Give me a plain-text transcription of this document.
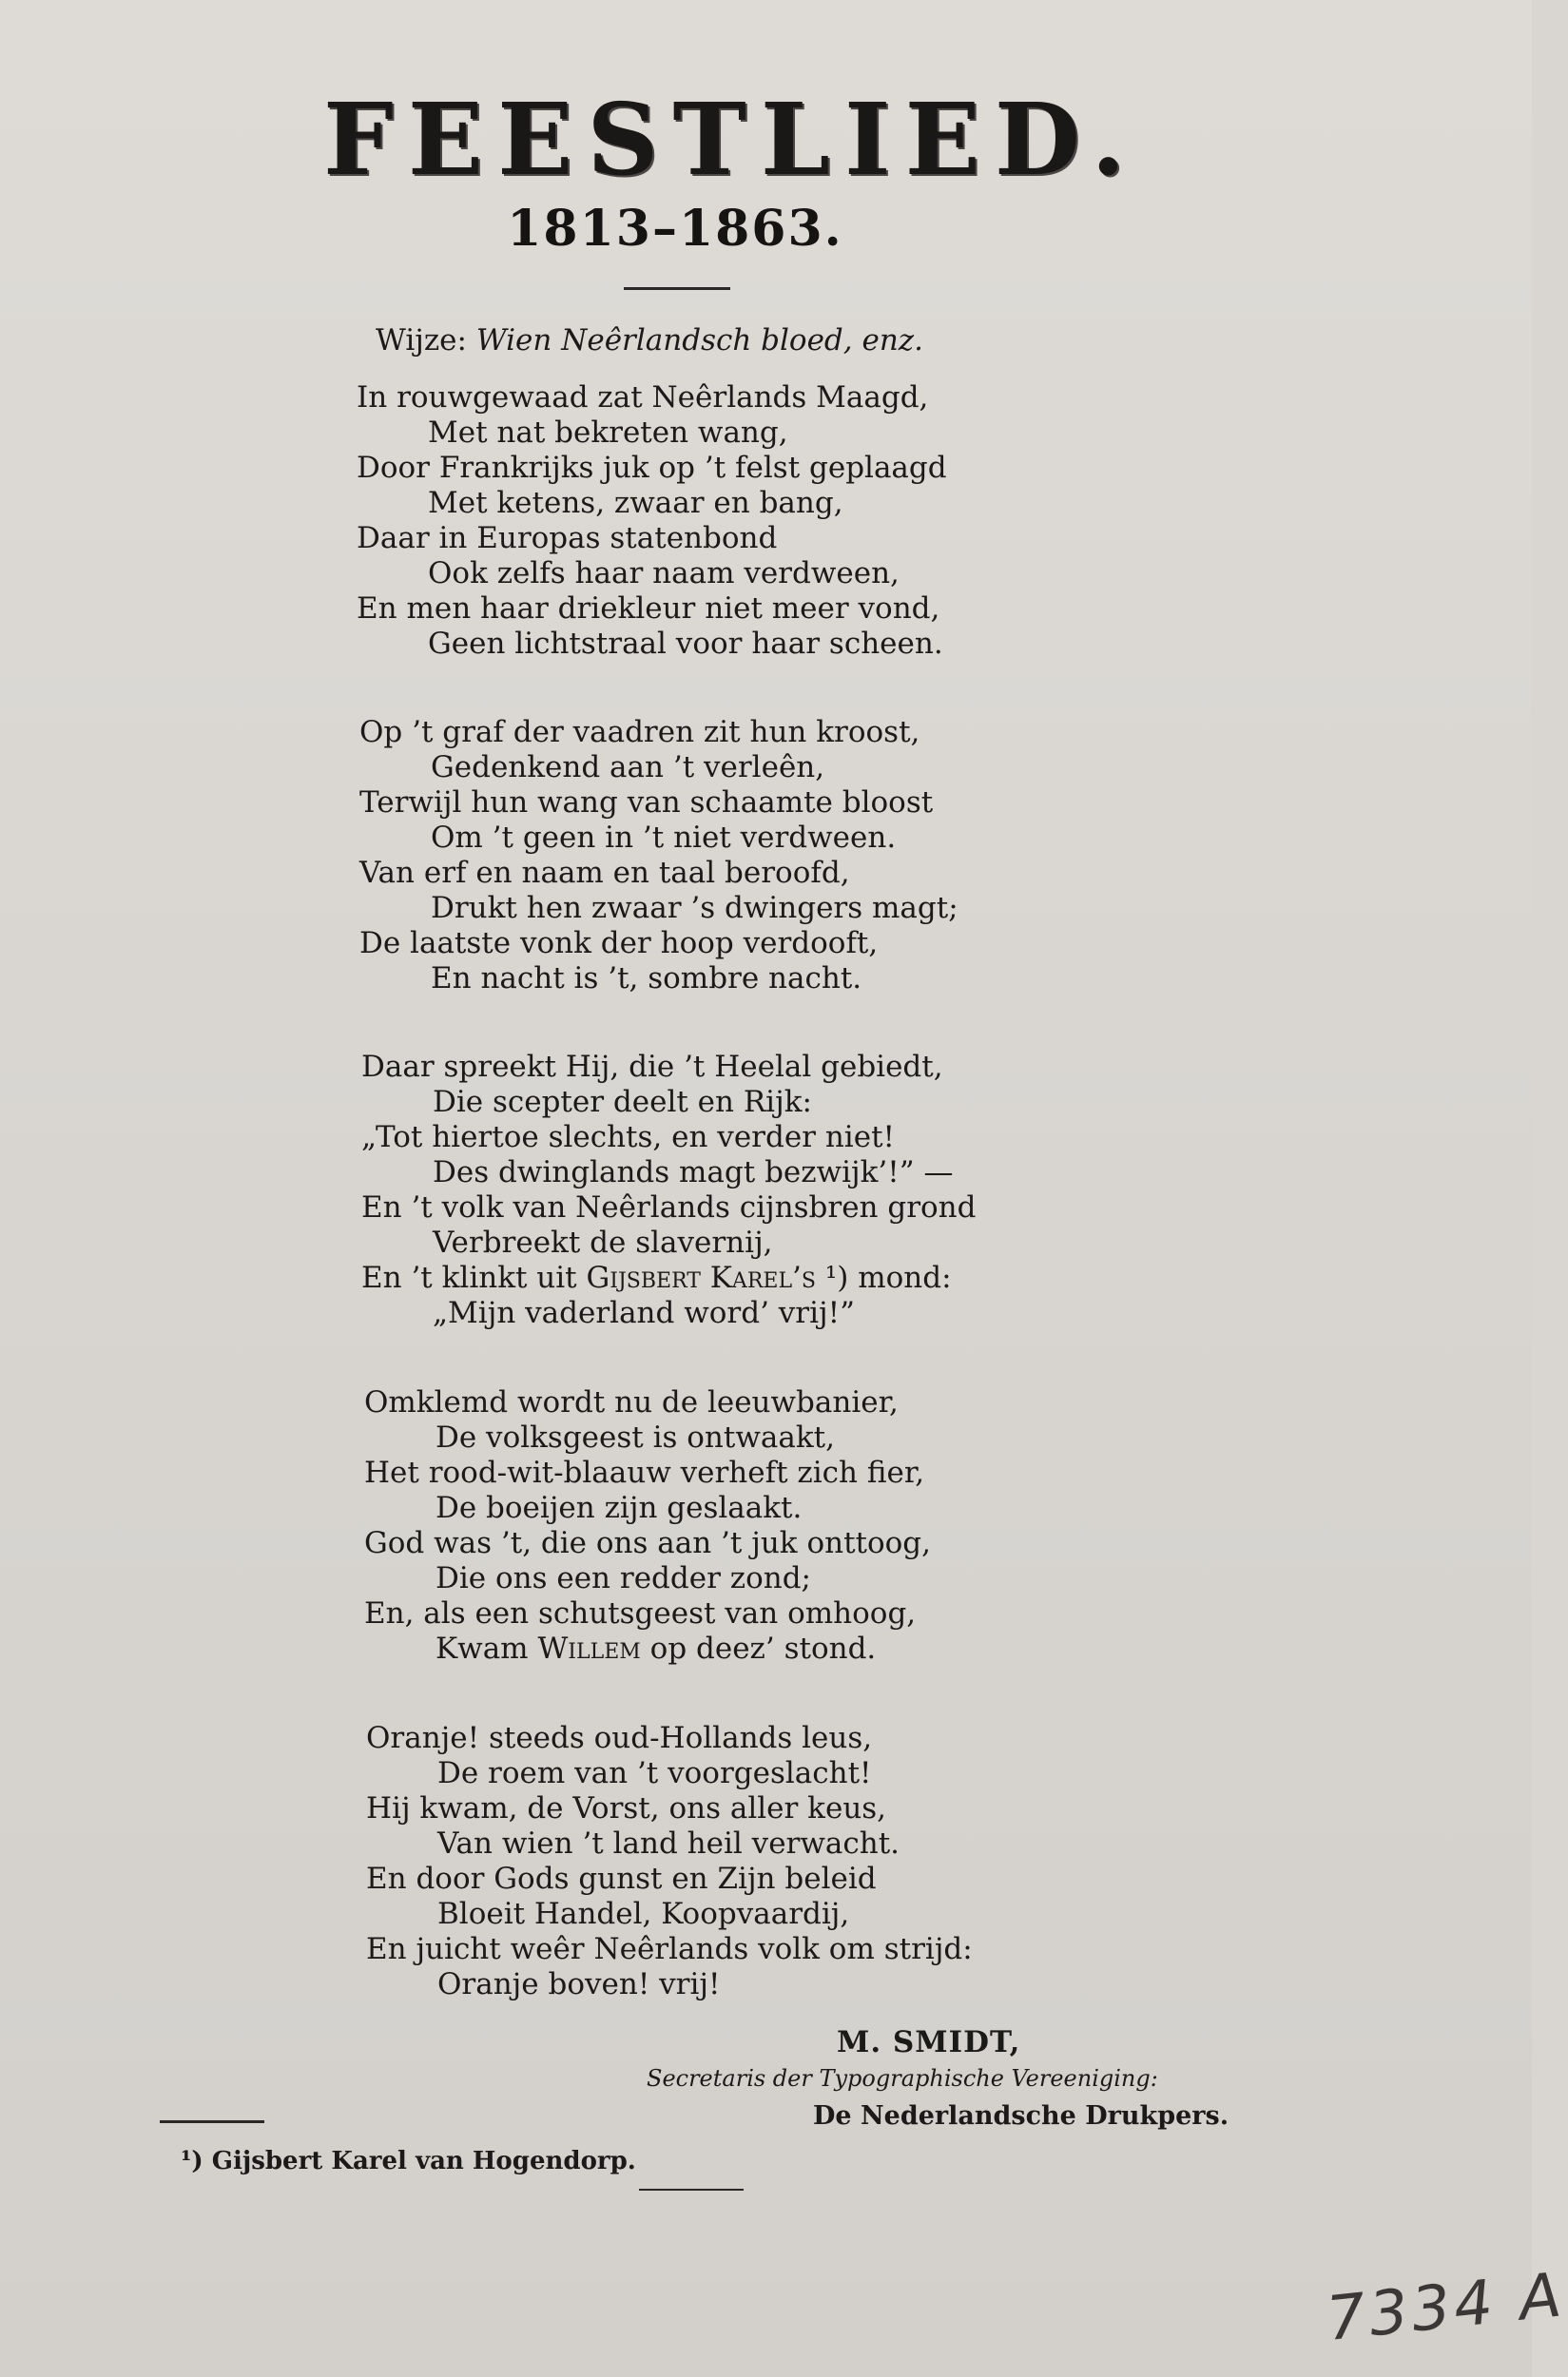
FEESTLIED.
1813–1863.
Wijze: Wien Neêrlandsch bloed, enz.
In rouwgewaad zat Neêrlands Maagd,
Met nat bekreten wang,
Door Frankrijks juk op ’t felst geplaagd
Met ketens, zwaar en bang,
Daar in Europas statenbond
Ook zelfs haar naam verdween,
En men haar driekleur niet meer vond,
Geen lichtstraal voor haar scheen.
Op ’t graf der vaadren zit hun kroost,
Gedenkend aan ’t verleên,
Terwijl hun wang van schaamte bloost
Om ’t geen in ’t niet verdween.
Van erf en naam en taal beroofd,
Drukt hen zwaar ’s dwingers magt;
De laatste vonk der hoop verdooft,
En nacht is ’t, sombre nacht.
Daar spreekt Hij, die ’t Heelal gebiedt,
Die scepter deelt en Rijk:
„Tot hiertoe slechts, en verder niet!
Des dwinglands magt bezwijk’!” —
En ’t volk van Neêrlands cijnsbren grond
Verbreekt de slavernij,
En ’t klinkt uit Gijsbert Karel’s ¹) mond:
„Mijn vaderland word’ vrij!”
Omklemd wordt nu de leeuwbanier,
De volksgeest is ontwaakt,
Het rood-wit-blaauw verheft zich fier,
De boeijen zijn geslaakt.
God was ’t, die ons aan ’t juk onttoog,
Die ons een redder zond;
En, als een schutsgeest van omhoog,
Kwam Willem op deez’ stond.
Oranje! steeds oud-Hollands leus,
De roem van ’t voorgeslacht!
Hij kwam, de Vorst, ons aller keus,
Van wien ’t land heil verwacht.
En door Gods gunst en Zijn beleid
Bloeit Handel, Koopvaardij,
En juicht weêr Neêrlands volk om strijd:
Oranje boven! vrij!
M. SMIDT,
Secretaris der Typographische Vereeniging:
De Nederlandsche Drukpers.
¹) Gijsbert Karel van Hogendorp.
7334 A
